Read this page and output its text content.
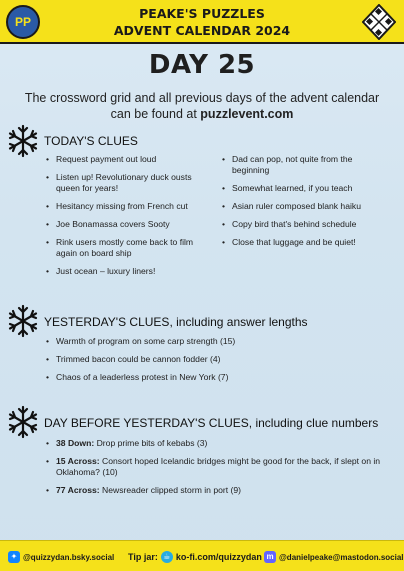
PP
PEAKE'S PUZZLES
ADVENT CALENDAR 2024
DAY 25
The crossword grid and all previous days of the advent calendar can be found at puzzlevent.com
TODAY'S CLUES
• Request payment out loud
• Listen up! Revolutionary duck ousts queen for years!
• Hesitancy missing from French cut
• Joe Bonamassa covers Sooty
• Rink users mostly come back to film again on board ship
• Just ocean – luxury liners!
• Dad can pop, not quite from the beginning
• Somewhat learned, if you teach
• Asian ruler composed blank haiku
• Copy bird that's behind schedule
• Close that luggage and be quiet!
YESTERDAY'S CLUES, including answer lengths
• Warmth of program on some carp strength (15)
• Trimmed bacon could be cannon fodder (4)
• Chaos of a leaderless protest in New York (7)
DAY BEFORE YESTERDAY'S CLUES, including clue numbers
• 38 Down: Drop prime bits of kebabs (3)
• 15 Across: Consort hoped Icelandic bridges might be good for the back, if slept on in Oklahoma? (10)
• 77 Across: Newsreader clipped storm in port (9)
✦ @quizzydan.bsky.social Tip jar: ☕ ko-fi.com/quizzydan m @danielpeake@mastodon.social
